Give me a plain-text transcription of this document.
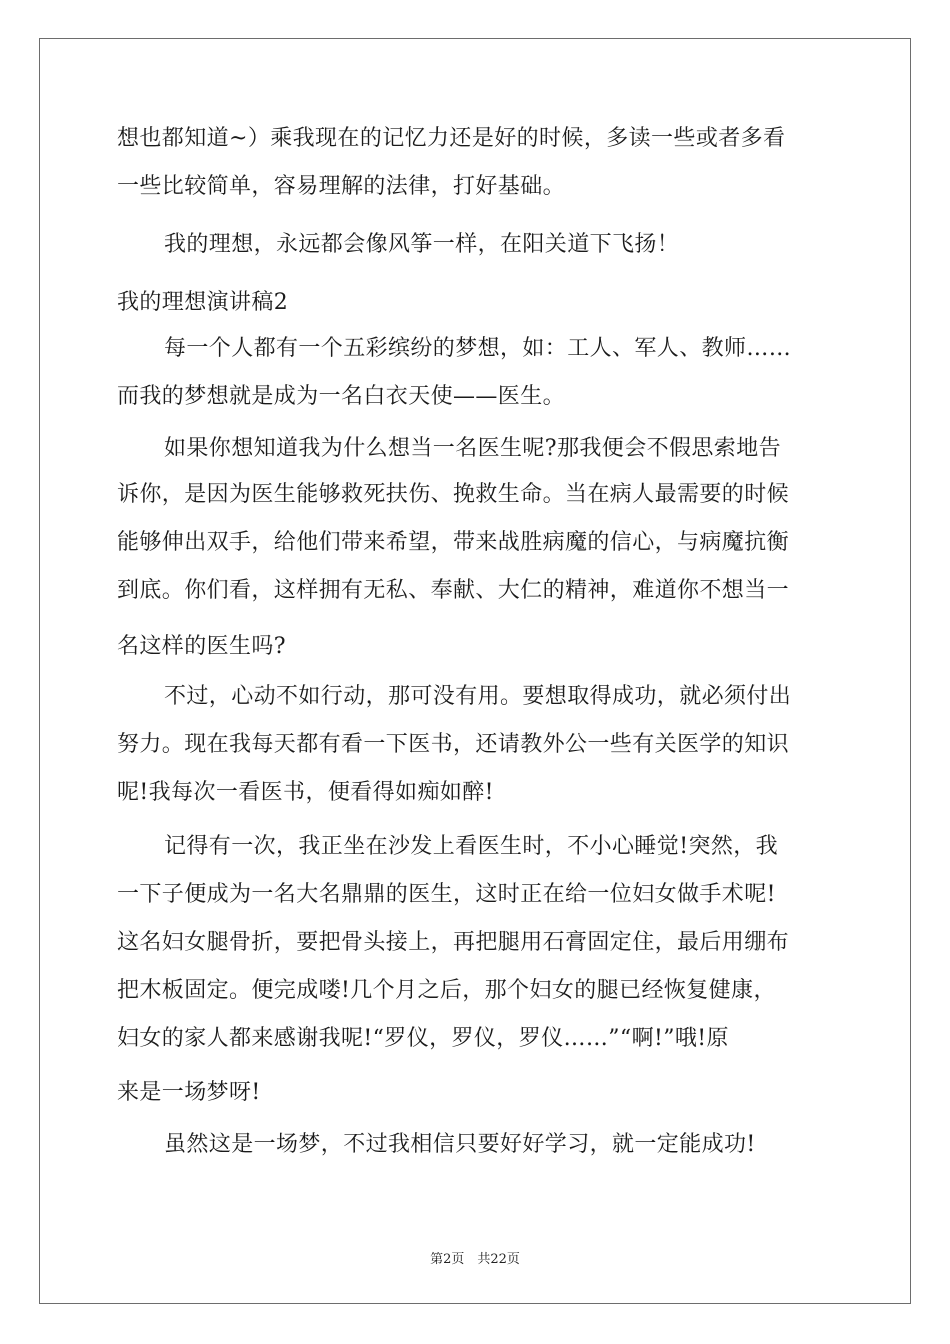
想也都知道~）乘我现在的记忆力还是好的时候，多读一些或者多看
一些比较简单，容易理解的法律，打好基础。
我的理想，永远都会像风筝一样，在阳关道下飞扬！
我的理想演讲稿2
每一个人都有一个五彩缤纷的梦想，如：工人、军人、教师……
而我的梦想就是成为一名白衣天使——医生。
如果你想知道我为什么想当一名医生呢?那我便会不假思索地告
诉你，是因为医生能够救死扶伤、挽救生命。当在病人最需要的时候
能够伸出双手，给他们带来希望，带来战胜病魔的信心，与病魔抗衡
到底。你们看，这样拥有无私、奉献、大仁的精神，难道你不想当一
名这样的医生吗?
不过，心动不如行动，那可没有用。要想取得成功，就必须付出
努力。现在我每天都有看一下医书，还请教外公一些有关医学的知识
呢!我每次一看医书，便看得如痴如醉!
记得有一次，我正坐在沙发上看医生时，不小心睡觉!突然，我
一下子便成为一名大名鼎鼎的医生，这时正在给一位妇女做手术呢!
这名妇女腿骨折，要把骨头接上，再把腿用石膏固定住，最后用绷布
把木板固定。便完成喽!几个月之后，那个妇女的腿已经恢复健康，
妇女的家人都来感谢我呢!“罗仪，罗仪，罗仪……”“啊!”哦!原
来是一场梦呀!
虽然这是一场梦，不过我相信只要好好学习，就一定能成功!
第2页　共22页
